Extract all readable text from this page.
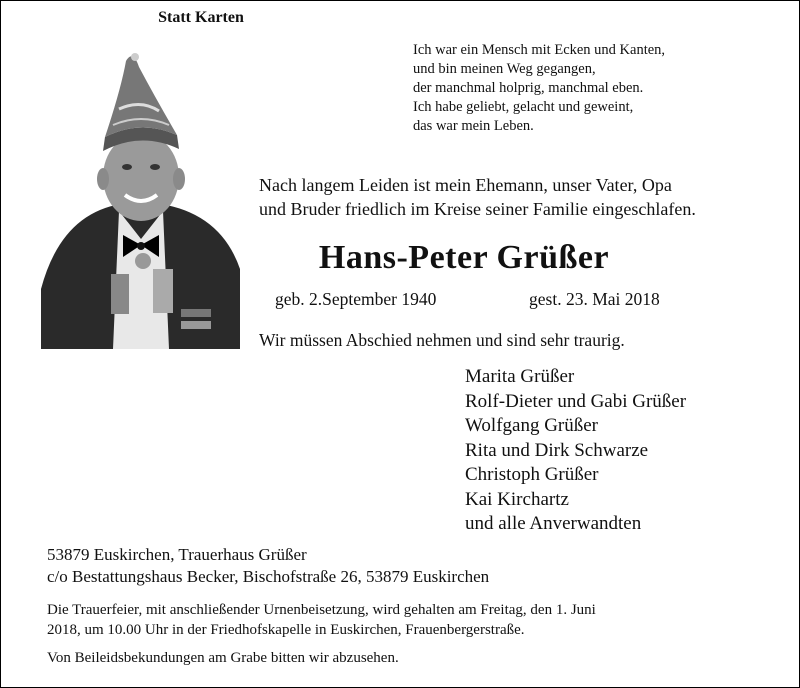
Statt Karten
Ich war ein Mensch mit Ecken und Kanten,
und bin meinen Weg gegangen,
der manchmal holprig, manchmal eben.
Ich habe geliebt, gelacht und geweint,
das war mein Leben.
Nach langem Leiden ist mein Ehemann, unser Vater, Opa
und Bruder friedlich im Kreise seiner Familie eingeschlafen.
Hans-Peter Grüßer
geb. 2.September 1940	gest. 23. Mai 2018
Wir müssen Abschied nehmen und sind sehr traurig.
Marita Grüßer
Rolf-Dieter und Gabi Grüßer
Wolfgang Grüßer
Rita und Dirk Schwarze
Christoph Grüßer
Kai Kirchartz
und alle Anverwandten
53879 Euskirchen, Trauerhaus Grüßer
c/o Bestattungshaus Becker, Bischofstraße 26, 53879 Euskirchen
Die Trauerfeier, mit anschließender Urnenbeisetzung, wird gehalten am Freitag, den 1. Juni
2018, um 10.00 Uhr in der Friedhofskapelle in Euskirchen, Frauenbergerstraße.
Von Beileidsbekundungen am Grabe bitten wir abzusehen.
